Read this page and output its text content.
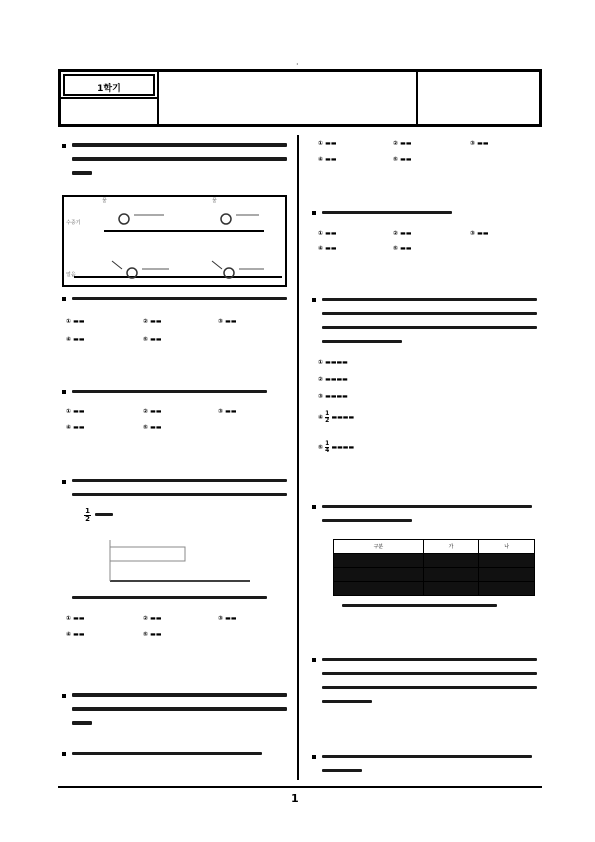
·
1학기
물	물
수증기
얼음
① ▬▬	② ▬▬	③ ▬▬
④ ▬▬	⑤ ▬▬
① ▬▬	② ▬▬	③ ▬▬
④ ▬▬	⑤ ▬▬
$\frac{1}{2}$
① ▬▬	② ▬▬	③ ▬▬
④ ▬▬	⑤ ▬▬
① ▬▬	② ▬▬	③ ▬▬
④ ▬▬	⑤ ▬▬
① ▬▬	② ▬▬	③ ▬▬
④ ▬▬	⑤ ▬▬
① ▬▬▬▬
② ▬▬▬▬
③ ▬▬▬▬
④ $\frac{1}{2}$ ▬▬▬▬
⑤ $\frac{1}{4}$ ▬▬▬▬
구분	가	나

1
